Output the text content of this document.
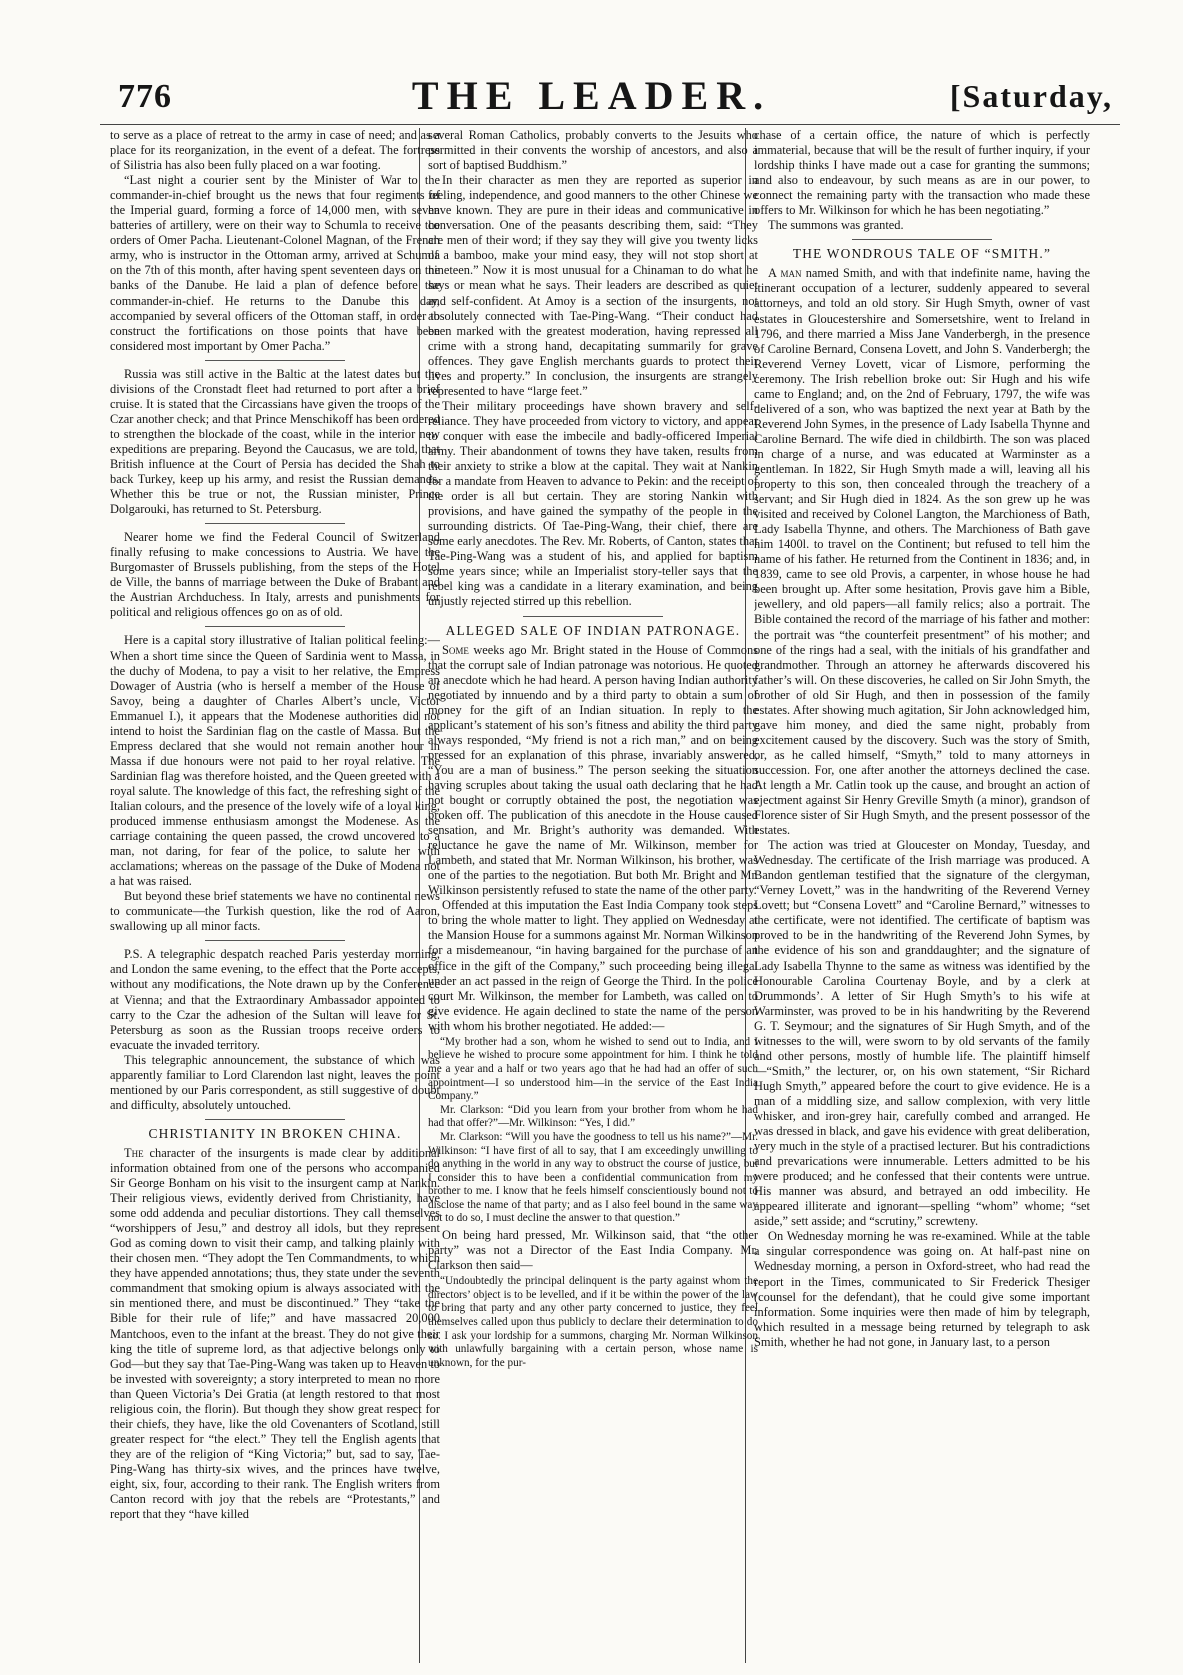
776	THE LEADER.	[Saturday,

to serve as a place of retreat to the army in case of need; and as a place for its reorganization, in the event of a defeat. The fortress of Silistria has also been fully placed on a war footing.

“Last night a courier sent by the Minister of War to the commander-in-chief brought us the news that four regiments of the Imperial guard, forming a force of 14,000 men, with seven batteries of artillery, were on their way to Schumla to receive the orders of Omer Pacha. Lieutenant-Colonel Magnan, of the French army, who is instructor in the Ottoman army, arrived at Schumla on the 7th of this month, after having spent seventeen days on the banks of the Danube. He laid a plan of defence before the commander-in-chief. He returns to the Danube this day, accompanied by several officers of the Ottoman staff, in order to construct the fortifications on those points that have been considered most important by Omer Pacha.”

Russia was still active in the Baltic at the latest dates but the divisions of the Cronstadt fleet had returned to port after a brief cruise. It is stated that the Circassians have given the troops of the Czar another check; and that Prince Menschikoff has been ordered to strengthen the blockade of the coast, while in the interior new expeditions are preparing. Beyond the Caucasus, we are told, that British influence at the Court of Persia has decided the Shah to back Turkey, keep up his army, and resist the Russian demands. Whether this be true or not, the Russian minister, Prince Dolgarouki, has returned to St. Petersburg.

Nearer home we find the Federal Council of Switzerland finally refusing to make concessions to Austria. We have the Burgomaster of Brussels publishing, from the steps of the Hotel de Ville, the banns of marriage between the Duke of Brabant and the Austrian Archduchess. In Italy, arrests and punishments for political and religious offences go on as of old.

Here is a capital story illustrative of Italian political feeling:—When a short time since the Queen of Sardinia went to Massa, in the duchy of Modena, to pay a visit to her relative, the Empress Dowager of Austria (who is herself a member of the House of Savoy, being a daughter of Charles Albert’s uncle, Victor Emmanuel I.), it appears that the Modenese authorities did not intend to hoist the Sardinian flag on the castle of Massa. But the Empress declared that she would not remain another hour in Massa if due honours were not paid to her royal relative. The Sardinian flag was therefore hoisted, and the Queen greeted with a royal salute. The knowledge of this fact, the refreshing sight of the Italian colours, and the presence of the lovely wife of a loyal king, produced immense enthusiasm amongst the Modenese. As the carriage containing the queen passed, the crowd uncovered to a man, not daring, for fear of the police, to salute her with acclamations; whereas on the passage of the Duke of Modena not a hat was raised.

But beyond these brief statements we have no continental news to communicate—the Turkish question, like the rod of Aaron, swallowing up all minor facts.

P.S. A telegraphic despatch reached Paris yesterday morning, and London the same evening, to the effect that the Porte accepts, without any modifications, the Note drawn up by the Conference at Vienna; and that the Extraordinary Ambassador appointed to carry to the Czar the adhesion of the Sultan will leave for St. Petersburg as soon as the Russian troops receive orders to evacuate the invaded territory.

This telegraphic announcement, the substance of which was apparently familiar to Lord Clarendon last night, leaves the point mentioned by our Paris correspondent, as still suggestive of doubt and difficulty, absolutely untouched.

CHRISTIANITY IN BROKEN CHINA.

The character of the insurgents is made clear by additional information obtained from one of the persons who accompanied Sir George Bonham on his visit to the insurgent camp at Nankin. Their religious views, evidently derived from Christianity, have some odd addenda and peculiar distortions. They call themselves “worshippers of Jesu,” and destroy all idols, but they represent God as coming down to visit their camp, and talking plainly with their chosen men. “They adopt the Ten Commandments, to which they have appended annotations; thus, they state under the seventh commandment that smoking opium is always associated with the sin mentioned there, and must be discontinued.” They “take the Bible for their rule of life;” and have massacred 20,000 Mantchoos, even to the infant at the breast. They do not give their king the title of supreme lord, as that adjective belongs only to God—but they say that Tae-Ping-Wang was taken up to Heaven to be invested with sovereignty; a story interpreted to mean no more than Queen Victoria’s Dei Gratia (at length restored to that most religious coin, the florin). But though they show great respect for their chiefs, they have, like the old Covenanters of Scotland, still greater respect for “the elect.” They tell the English agents that they are of the religion of “King Victoria;” but, sad to say, Tae-Ping-Wang has thirty-six wives, and the princes have twelve, eight, six, four, according to their rank. The English writers from Canton record with joy that the rebels are “Protestants,” and report that they “have killed

several Roman Catholics, probably converts to the Jesuits who permitted in their convents the worship of ancestors, and also a sort of baptised Buddhism.”

In their character as men they are reported as superior in feeling, independence, and good manners to the other Chinese we have known. They are pure in their ideas and communicative in conversation. One of the peasants describing them, said: “They are men of their word; if they say they will give you twenty licks of a bamboo, make your mind easy, they will not stop short at nineteen.” Now it is most unusual for a Chinaman to do what he says or mean what he says. Their leaders are described as quiet and self-confident. At Amoy is a section of the insurgents, not absolutely connected with Tae-Ping-Wang. “Their conduct had been marked with the greatest moderation, having repressed all crime with a strong hand, decapitating summarily for grave offences. They gave English merchants guards to protect their lives and property.” In conclusion, the insurgents are strangely represented to have “large feet.”

Their military proceedings have shown bravery and self-reliance. They have proceeded from victory to victory, and appear to conquer with ease the imbecile and badly-officered Imperial army. Their abandonment of towns they have taken, results from their anxiety to strike a blow at the capital. They wait at Nankin for a mandate from Heaven to advance to Pekin: and the receipt of the order is all but certain. They are storing Nankin with provisions, and have gained the sympathy of the people in the surrounding districts. Of Tae-Ping-Wang, their chief, there are some early anecdotes. The Rev. Mr. Roberts, of Canton, states that Tae-Ping-Wang was a student of his, and applied for baptism some years since; while an Imperialist story-teller says that the rebel king was a candidate in a literary examination, and being unjustly rejected stirred up this rebellion.

ALLEGED SALE OF INDIAN PATRONAGE.

Some weeks ago Mr. Bright stated in the House of Commons that the corrupt sale of Indian patronage was notorious. He quoted an anecdote which he had heard. A person having Indian authority negotiated by innuendo and by a third party to obtain a sum of money for the gift of an Indian situation. In reply to the applicant’s statement of his son’s fitness and ability the third party always responded, “My friend is not a rich man,” and on being pressed for an explanation of this phrase, invariably answered, “You are a man of business.” The person seeking the situation having scruples about taking the usual oath declaring that he had not bought or corruptly obtained the post, the negotiation was broken off. The publication of this anecdote in the House caused sensation, and Mr. Bright’s authority was demanded. With reluctance he gave the name of Mr. Wilkinson, member for Lambeth, and stated that Mr. Norman Wilkinson, his brother, was one of the parties to the negotiation. But both Mr. Bright and Mr. Wilkinson persistently refused to state the name of the other party.

Offended at this imputation the East India Company took steps to bring the whole matter to light. They applied on Wednesday at the Mansion House for a summons against Mr. Norman Wilkinson for a misdemeanour, “in having bargained for the purchase of an office in the gift of the Company,” such proceeding being illegal under an act passed in the reign of George the Third. In the police court Mr. Wilkinson, the member for Lambeth, was called on to give evidence. He again declined to state the name of the person with whom his brother negotiated. He added:—

“My brother had a son, whom he wished to send out to India, and I believe he wished to procure some appointment for him. I think he told me a year and a half or two years ago that he had had an offer of such appointment—I so understood him—in the service of the East India Company.”

Mr. Clarkson: “Did you learn from your brother from whom he had had that offer?”—Mr. Wilkinson: “Yes, I did.”

Mr. Clarkson: “Will you have the goodness to tell us his name?”—Mr. Wilkinson: “I have first of all to say, that I am exceedingly unwilling to do anything in the world in any way to obstruct the course of justice, but I consider this to have been a confidential communication from my brother to me. I know that he feels himself conscientiously bound not to disclose the name of that party; and as I also feel bound in the same way not to do so, I must decline the answer to that question.”

On being hard pressed, Mr. Wilkinson said, that “the other party” was not a Director of the East India Company. Mr. Clarkson then said—

“Undoubtedly the principal delinquent is the party against whom the directors’ object is to be levelled, and if it be within the power of the law to bring that party and any other party concerned to justice, they feel themselves called upon thus publicly to declare their determination to do so. I ask your lordship for a summons, charging Mr. Norman Wilkinson with unlawfully bargaining with a certain person, whose name is unknown, for the pur-

chase of a certain office, the nature of which is perfectly immaterial, because that will be the result of further inquiry, if your lordship thinks I have made out a case for granting the summons; and also to endeavour, by such means as are in our power, to connect the remaining party with the transaction who made these offers to Mr. Wilkinson for which he has been negotiating.”

The summons was granted.

THE WONDROUS TALE OF “SMITH.”

A man named Smith, and with that indefinite name, having the itinerant occupation of a lecturer, suddenly appeared to several attorneys, and told an old story. Sir Hugh Smyth, owner of vast estates in Gloucestershire and Somersetshire, went to Ireland in 1796, and there married a Miss Jane Vanderbergh, in the presence of Caroline Bernard, Consena Lovett, and John S. Vanderbergh; the Reverend Verney Lovett, vicar of Lismore, performing the ceremony. The Irish rebellion broke out: Sir Hugh and his wife came to England; and, on the 2nd of February, 1797, the wife was delivered of a son, who was baptized the next year at Bath by the Reverend John Symes, in the presence of Lady Isabella Thynne and Caroline Bernard. The wife died in childbirth. The son was placed in charge of a nurse, and was educated at Warminster as a gentleman. In 1822, Sir Hugh Smyth made a will, leaving all his property to this son, then concealed through the treachery of a servant; and Sir Hugh died in 1824. As the son grew up he was visited and received by Colonel Langton, the Marchioness of Bath, Lady Isabella Thynne, and others. The Marchioness of Bath gave him 1400l. to travel on the Continent; but refused to tell him the name of his father. He returned from the Continent in 1836; and, in 1839, came to see old Provis, a carpenter, in whose house he had been brought up. After some hesitation, Provis gave him a Bible, jewellery, and old papers—all family relics; also a portrait. The Bible contained the record of the marriage of his father and mother: the portrait was “the counterfeit presentment” of his mother; and one of the rings had a seal, with the initials of his grandfather and grandmother. Through an attorney he afterwards discovered his father’s will. On these discoveries, he called on Sir John Smyth, the brother of old Sir Hugh, and then in possession of the family estates. After showing much agitation, Sir John acknowledged him, gave him money, and died the same night, probably from excitement caused by the discovery. Such was the story of Smith, or, as he called himself, “Smyth,” told to many attorneys in succession. For, one after another the attorneys declined the case. At length a Mr. Catlin took up the cause, and brought an action of ejectment against Sir Henry Greville Smyth (a minor), grandson of Florence sister of Sir Hugh Smyth, and the present possessor of the estates.

The action was tried at Gloucester on Monday, Tuesday, and Wednesday. The certificate of the Irish marriage was produced. A Bandon gentleman testified that the signature of the clergyman, “Verney Lovett,” was in the handwriting of the Reverend Verney Lovett; but “Consena Lovett” and “Caroline Bernard,” witnesses to the certificate, were not identified. The certificate of baptism was proved to be in the handwriting of the Reverend John Symes, by the evidence of his son and granddaughter; and the signature of Lady Isabella Thynne to the same as witness was identified by the Honourable Carolina Courtenay Boyle, and by a clerk at Drummonds’. A letter of Sir Hugh Smyth’s to his wife at Warminster, was proved to be in his handwriting by the Reverend G. T. Seymour; and the signatures of Sir Hugh Smyth, and of the witnesses to the will, were sworn to by old servants of the family and other persons, mostly of humble life. The plaintiff himself—“Smith,” the lecturer, or, on his own statement, “Sir Richard Hugh Smyth,” appeared before the court to give evidence. He is a man of a middling size, and sallow complexion, with very little whisker, and iron-grey hair, carefully combed and arranged. He was dressed in black, and gave his evidence with great deliberation, very much in the style of a practised lecturer. But his contradictions and prevarications were innumerable. Letters admitted to be his were produced; and he confessed that their contents were untrue. His manner was absurd, and betrayed an odd imbecility. He appeared illiterate and ignorant—spelling “whom” whome; “set aside,” sett asside; and “scrutiny,” screwteny.

On Wednesday morning he was re-examined. While at the table a singular correspondence was going on. At half-past nine on Wednesday morning, a person in Oxford-street, who had read the report in the Times, communicated to Sir Frederick Thesiger (counsel for the defendant), that he could give some important information. Some inquiries were then made of him by telegraph, which resulted in a message being returned by telegraph to ask Smith, whether he had not gone, in January last, to a person
